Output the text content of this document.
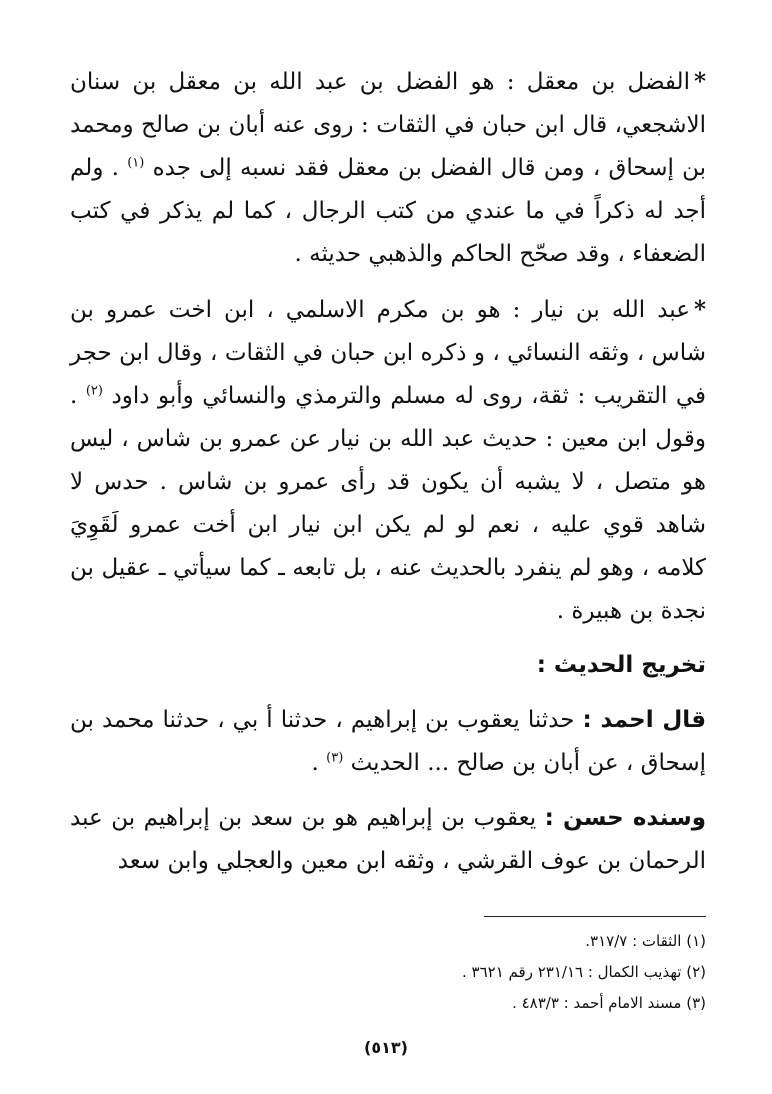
*الفضل بن معقل : هو الفضل بن عبد الله بن معقل بن سنان الاشجعي، قال ابن حبان في الثقات : روى عنه أبان بن صالح ومحمد بن إسحاق ، ومن قال الفضل بن معقل فقد نسبه إلى جده $^{(١)}$ . ولم أجد له ذكراً في ما عندي من كتب الرجال ، كما لم يذكر في كتب الضعفاء ، وقد صحّح الحاكم والذهبي حديثه .

*عبد الله بن نيار : هو بن مكرم الاسلمي ، ابن اخت عمرو بن شاس ، وثقه النسائي ، و ذكره ابن حبان في الثقات ، وقال ابن حجر في التقريب : ثقة، روى له مسلم والترمذي والنسائي وأبو داود $^{(٢)}$ . وقول ابن معين : حديث عبد الله بن نيار عن عمرو بن شاس ، ليس هو متصل ، لا يشبه أن يكون قد رأى عمرو بن شاس . حدس لا شاهد قوي عليه ، نعم لو لم يكن ابن نيار ابن أخت عمرو لَقَوِيَ كلامه ، وهو لم ينفرد بالحديث عنه ، بل تابعه ـ كما سيأتي ـ عقيل بن نجدة بن هبيرة .

تخريج الحديث :

قال احمد : حدثنا يعقوب بن إبراهيم ، حدثنا أ بي ، حدثنا محمد بن إسحاق ، عن أبان بن صالح ... الحديث $^{(٣)}$ .

وسنده حسن : يعقوب بن إبراهيم هو بن سعد بن إبراهيم بن عبد الرحمان بن عوف القرشي ، وثقه ابن معين والعجلي وابن سعد

(١) الثقات : ٣١٧/٧.
(٢) تهذيب الكمال : ٢٣١/١٦ رقم ٣٦٢١ .
(٣) مسند الامام أحمد : ٤٨٣/٣ .
(٥١٣)
